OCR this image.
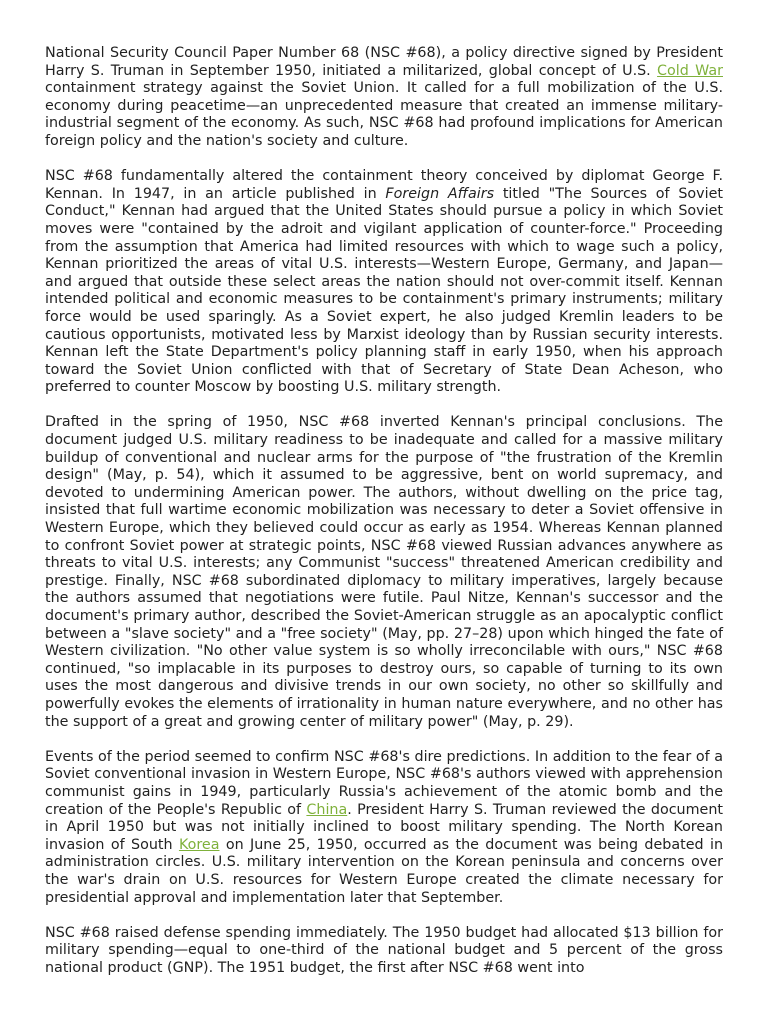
National Security Council Paper Number 68 (NSC #68), a policy directive signed by President Harry S. Truman in September 1950, initiated a militarized, global concept of U.S. Cold War containment strategy against the Soviet Union. It called for a full mobilization of the U.S. economy during peacetime—an unprecedented measure that created an immense military-industrial segment of the economy. As such, NSC #68 had profound implications for American foreign policy and the nation's society and culture.

NSC #68 fundamentally altered the containment theory conceived by diplomat George F. Kennan. In 1947, in an article published in Foreign Affairs titled "The Sources of Soviet Conduct," Kennan had argued that the United States should pursue a policy in which Soviet moves were "contained by the adroit and vigilant application of counter-force." Proceeding from the assumption that America had limited resources with which to wage such a policy, Kennan prioritized the areas of vital U.S. interests—Western Europe, Germany, and Japan—and argued that outside these select areas the nation should not over-commit itself. Kennan intended political and economic measures to be containment's primary instruments; military force would be used sparingly. As a Soviet expert, he also judged Kremlin leaders to be cautious opportunists, motivated less by Marxist ideology than by Russian security interests. Kennan left the State Department's policy planning staff in early 1950, when his approach toward the Soviet Union conflicted with that of Secretary of State Dean Acheson, who preferred to counter Moscow by boosting U.S. military strength.

Drafted in the spring of 1950, NSC #68 inverted Kennan's principal conclusions. The document judged U.S. military readiness to be inadequate and called for a massive military buildup of conventional and nuclear arms for the purpose of "the frustration of the Kremlin design" (May, p. 54), which it assumed to be aggressive, bent on world supremacy, and devoted to undermining American power. The authors, without dwelling on the price tag, insisted that full wartime economic mobilization was necessary to deter a Soviet offensive in Western Europe, which they believed could occur as early as 1954. Whereas Kennan planned to confront Soviet power at strategic points, NSC #68 viewed Russian advances anywhere as threats to vital U.S. interests; any Communist "success" threatened American credibility and prestige. Finally, NSC #68 subordinated diplomacy to military imperatives, largely because the authors assumed that negotiations were futile. Paul Nitze, Kennan's successor and the document's primary author, described the Soviet-American struggle as an apocalyptic conflict between a "slave society" and a "free society" (May, pp. 27–28) upon which hinged the fate of Western civilization. "No other value system is so wholly irreconcilable with ours," NSC #68 continued, "so implacable in its purposes to destroy ours, so capable of turning to its own uses the most dangerous and divisive trends in our own society, no other so skillfully and powerfully evokes the elements of irrationality in human nature everywhere, and no other has the support of a great and growing center of military power" (May, p. 29).

Events of the period seemed to confirm NSC #68's dire predictions. In addition to the fear of a Soviet conventional invasion in Western Europe, NSC #68's authors viewed with apprehension communist gains in 1949, particularly Russia's achievement of the atomic bomb and the creation of the People's Republic of China. President Harry S. Truman reviewed the document in April 1950 but was not initially inclined to boost military spending. The North Korean invasion of South Korea on June 25, 1950, occurred as the document was being debated in administration circles. U.S. military intervention on the Korean peninsula and concerns over the war's drain on U.S. resources for Western Europe created the climate necessary for presidential approval and implementation later that September.

NSC #68 raised defense spending immediately. The 1950 budget had allocated $13 billion for military spending—equal to one-third of the national budget and 5 percent of the gross national product (GNP). The 1951 budget, the first after NSC #68 went into
